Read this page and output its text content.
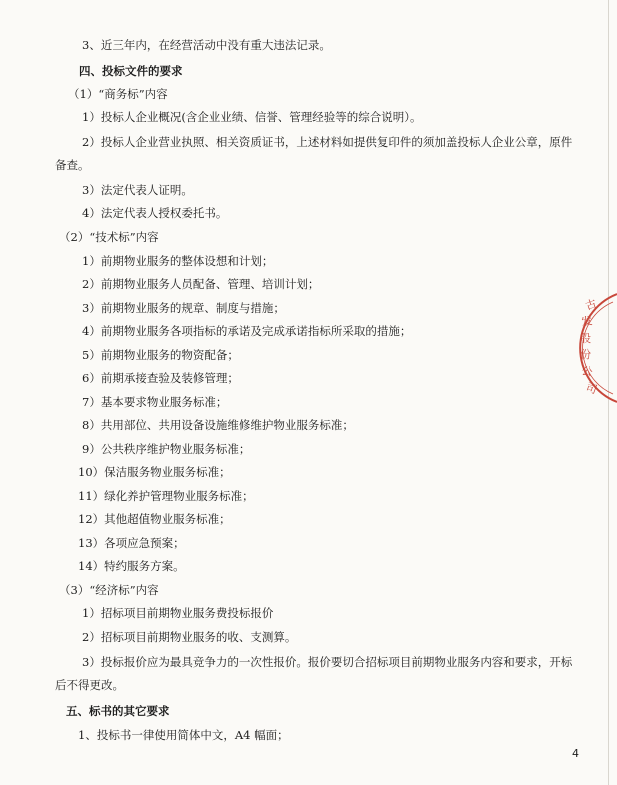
3、近三年内，在经营活动中没有重大违法记录。
四、投标文件的要求
（1）“商务标”内容
1）投标人企业概况(含企业业绩、信誉、管理经验等的综合说明）。
2）投标人企业营业执照、相关资质证书，上述材料如提供复印件的须加盖投标人企业公章，原件备查。
3）法定代表人证明。
4）法定代表人授权委托书。
（2）“技术标”内容
1）前期物业服务的整体设想和计划；
2）前期物业服务人员配备、管理、培训计划；
3）前期物业服务的规章、制度与措施；
4）前期物业服务各项指标的承诺及完成承诺指标所采取的措施；
5）前期物业服务的物资配备；
6）前期承接查验及装修管理；
7）基本要求物业服务标准；
8）共用部位、共用设备设施维修维护物业服务标准；
9）公共秩序维护物业服务标准；
10）保洁服务物业服务标准；
11）绿化养护管理物业服务标准；
12）其他超值物业服务标准；
13）各项应急预案；
14）特约服务方案。
（3）“经济标”内容
1）招标项目前期物业服务费投标报价
2）招标项目前期物业服务的收、支测算。
3）投标报价应为最具竞争力的一次性报价。报价要切合招标项目前期物业服务内容和要求，开标后不得更改。
五、标书的其它要求
1、投标书一律使用简体中文，A4 幅面；
4
古
发
股
份
公
司
